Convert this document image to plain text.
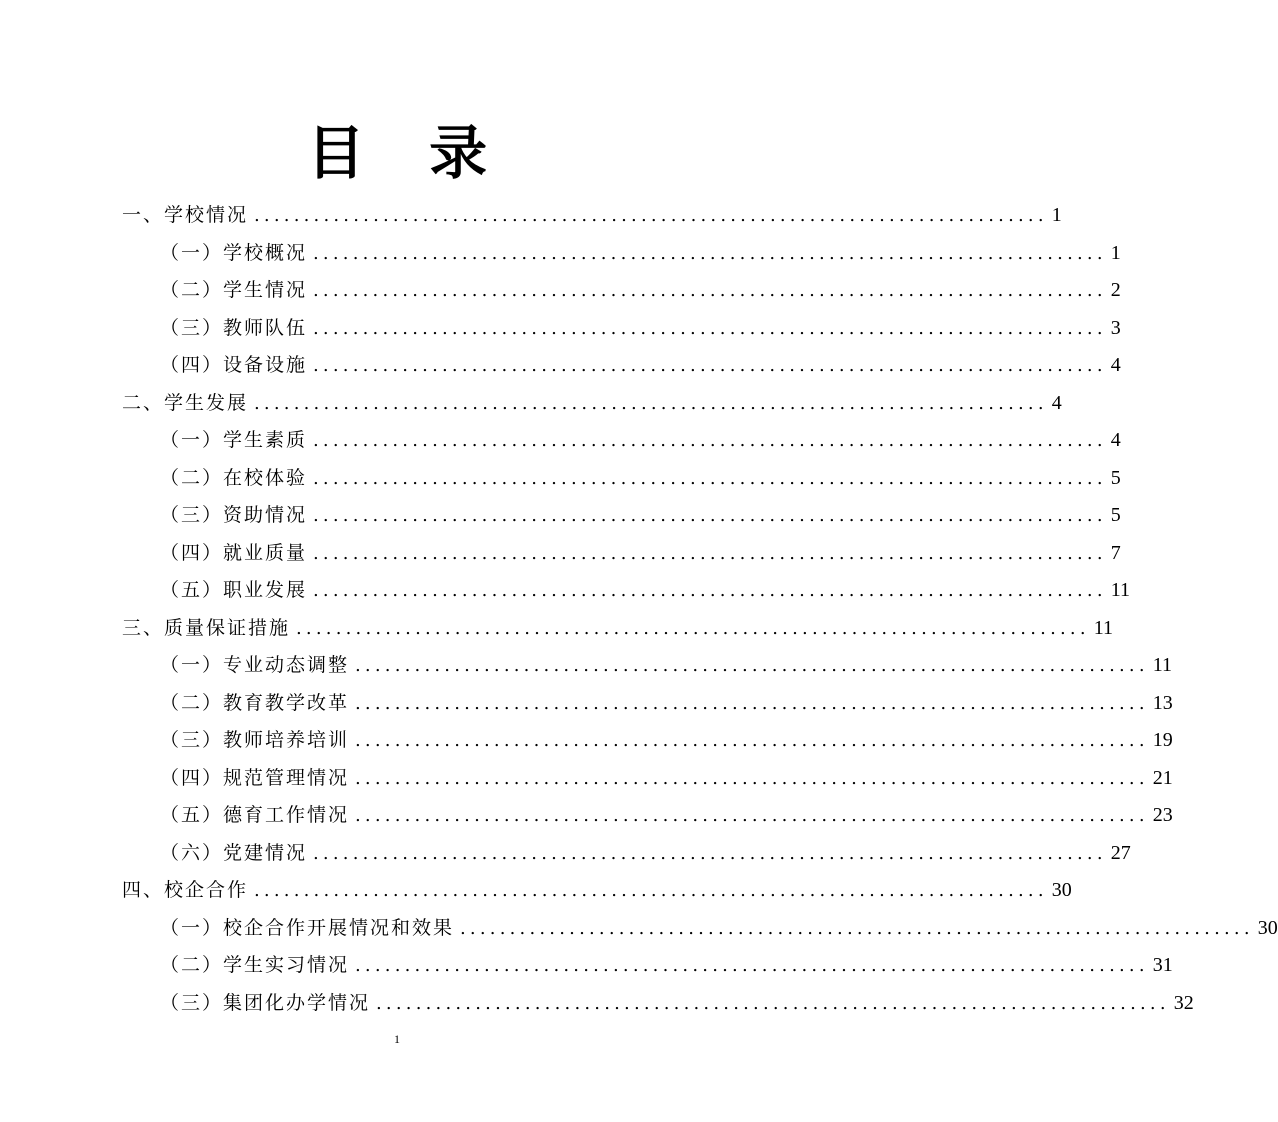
目 录
一、学校情况 ................................................................................ 1
（一）学校概况 ................................................................................ 1
（二）学生情况 ................................................................................ 2
（三）教师队伍 ................................................................................ 3
（四）设备设施 ................................................................................ 4
二、学生发展 ................................................................................ 4
（一）学生素质 ................................................................................ 4
（二）在校体验 ................................................................................ 5
（三）资助情况 ................................................................................ 5
（四）就业质量 ................................................................................ 7
（五）职业发展 ................................................................................ 11
三、质量保证措施 ................................................................................ 11
（一）专业动态调整 ................................................................................ 11
（二）教育教学改革 ................................................................................ 13
（三）教师培养培训 ................................................................................ 19
（四）规范管理情况 ................................................................................ 21
（五）德育工作情况 ................................................................................ 23
（六）党建情况 ................................................................................ 27
四、校企合作 ................................................................................ 30
（一）校企合作开展情况和效果 ................................................................................ 30
（二）学生实习情况 ................................................................................ 31
（三）集团化办学情况 ................................................................................ 32
1
